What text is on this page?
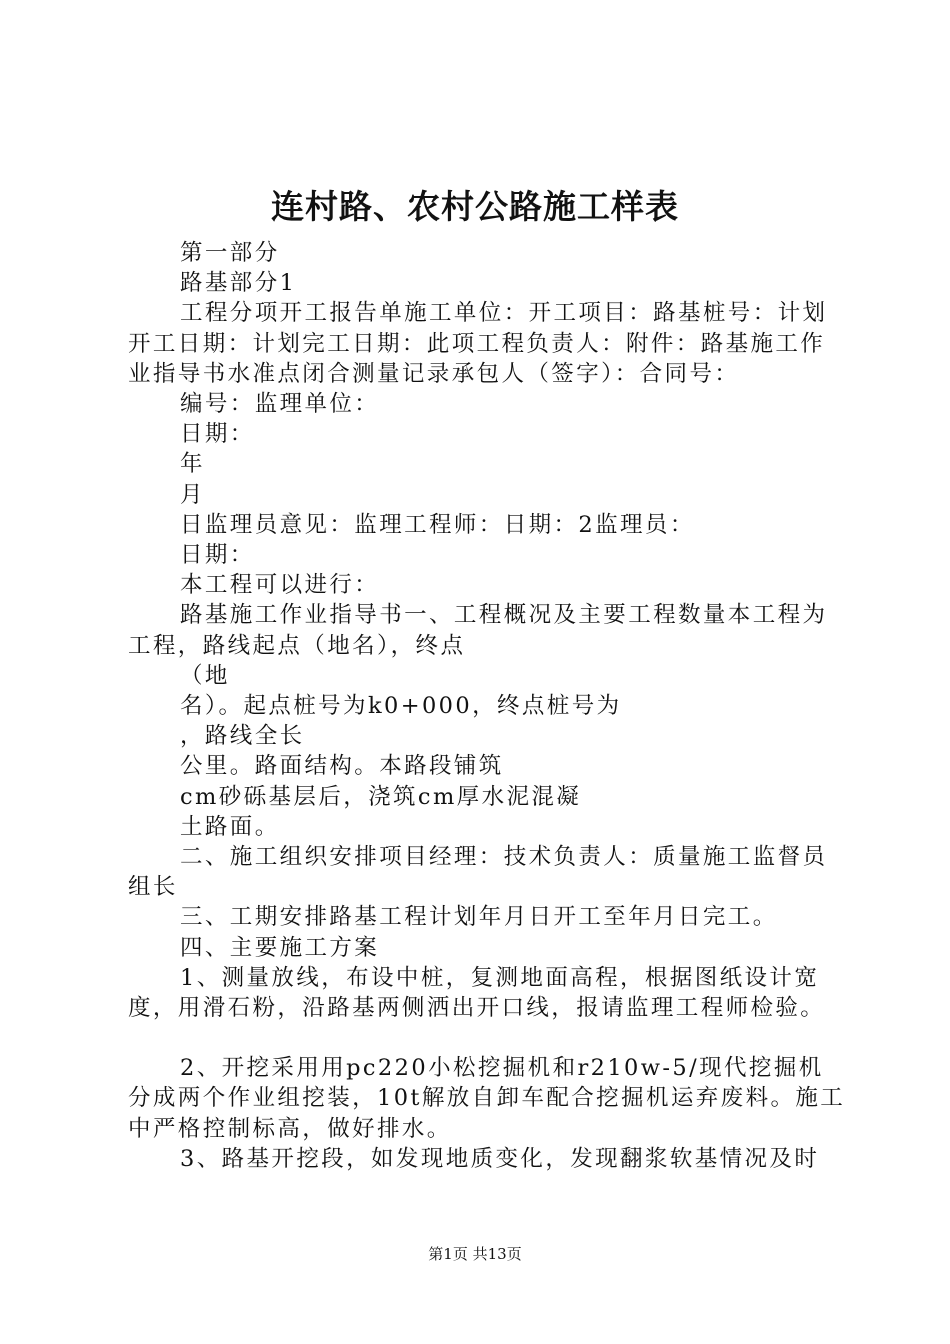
连村路、农村公路施工样表

第一部分

路基部分1

工程分项开工报告单施工单位：开工项目：路基桩号：计划开工日期：计划完工日期：此项工程负责人：附件：路基施工作业指导书水准点闭合测量记录承包人（签字）：合同号：

编号：监理单位：

日期：

年

月

日监理员意见：监理工程师：日期：2监理员：

日期：

本工程可以进行：

路基施工作业指导书一、工程概况及主要工程数量本工程为工程，路线起点（地名），终点

（地

名）。起点桩号为k0+000，终点桩号为

，路线全长

公里。路面结构。本路段铺筑

cm砂砾基层后，浇筑cm厚水泥混凝

土路面。

二、施工组织安排项目经理：技术负责人：质量施工监督员组长

三、工期安排路基工程计划年月日开工至年月日完工。

四、主要施工方案

1、测量放线，布设中桩，复测地面高程，根据图纸设计宽度，用滑石粉，沿路基两侧洒出开口线，报请监理工程师检验。

2、开挖采用用pc220小松挖掘机和r210w-5/现代挖掘机分成两个作业组挖装，10t解放自卸车配合挖掘机运弃废料。施工中严格控制标高，做好排水。

3、路基开挖段，如发现地质变化，发现翻浆软基情况及时

第1页 共13页
